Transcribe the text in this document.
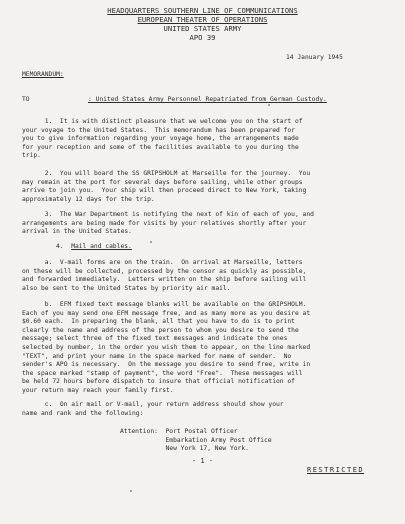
HEADQUARTERS SOUTHERN LINE OF COMMUNICATIONS
EUROPEAN THEATER OF OPERATIONS
UNITED STATES ARMY
APO 39
14 January 1945
MEMORANDUM:
TO	: United States Army Personnel Repatriated from German Custody.
1.  It is with distinct pleasure that we welcome you on the start of
your voyage to the United States.  This memorandum has been prepared for
you to give information regarding your voyage home, the arrangements made
for your reception and some of the facilities available to you during the
trip.
2.  You will board the SS GRIPSHOLM at Marseille for the journey.  You
may remain at the port for several days before sailing, while other groups
arrive to join you.  Your ship will then proceed direct to New York, taking
approximately 12 days for the trip.
3.  The War Department is notifying the next of kin of each of you, and
arrangements are being made for visits by your relatives shortly after your
arrival in the United States.
4. Mail and cables.
a.  V-mail forms are on the train.  On arrival at Marseille, letters
on these will be collected, processed by the censor as quickly as possible,
and forwarded immediately.  Letters written on the ship before sailing will
also be sent to the United States by priority air mail.
b.  EFM fixed text message blanks will be available on the GRIPSHOLM.
Each of you may send one EFM message free, and as many more as you desire at
$0.60 each.  In preparing the blank, all that you have to do is to print
clearly the name and address of the person to whom you desire to send the
message; select three of the fixed text messages and indicate the ones
selected by number, in the order you wish them to appear, on the line marked
"TEXT", and print your name in the space marked for name of sender.  No
sender's APO is necessary.  On the message you desire to send free, write in
the space marked "stamp of payment", the word "Free".  These messages will
be held 72 hours before dispatch to insure that official notification of
your return may reach your family first.
c.  On air mail or V-mail, your return address should show your
name and rank and the following:
Attention:  Port Postal Officer
Embarkation Army Post Office
New York 17, New York.
- 1 -
RESTRICTED
